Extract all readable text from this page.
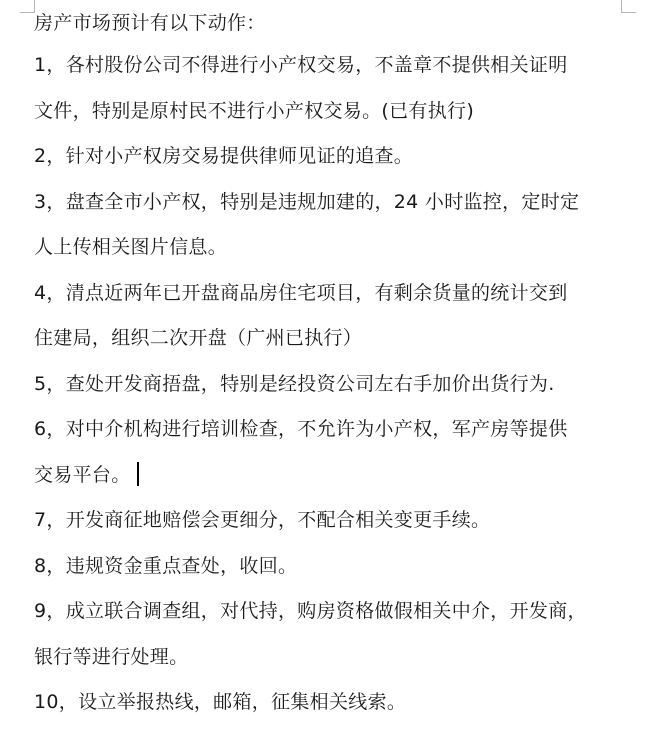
房产市场预计有以下动作：
1，各村股份公司不得进行小产权交易，不盖章不提供相关证明
文件，特别是原村民不进行小产权交易。(已有执行)
2，针对小产权房交易提供律师见证的追查。
3，盘查全市小产权，特别是违规加建的，24 小时监控，定时定
人上传相关图片信息。
4，清点近两年已开盘商品房住宅项目，有剩余货量的统计交到
住建局，组织二次开盘（广州已执行）
5，查处开发商捂盘，特别是经投资公司左右手加价出货行为.
6，对中介机构进行培训检查，不允许为小产权，军产房等提供
交易平台。
7，开发商征地赔偿会更细分，不配合相关变更手续。
8，违规资金重点查处，收回。
9，成立联合调查组，对代持，购房资格做假相关中介，开发商，
银行等进行处理。
10，设立举报热线，邮箱，征集相关线索。
